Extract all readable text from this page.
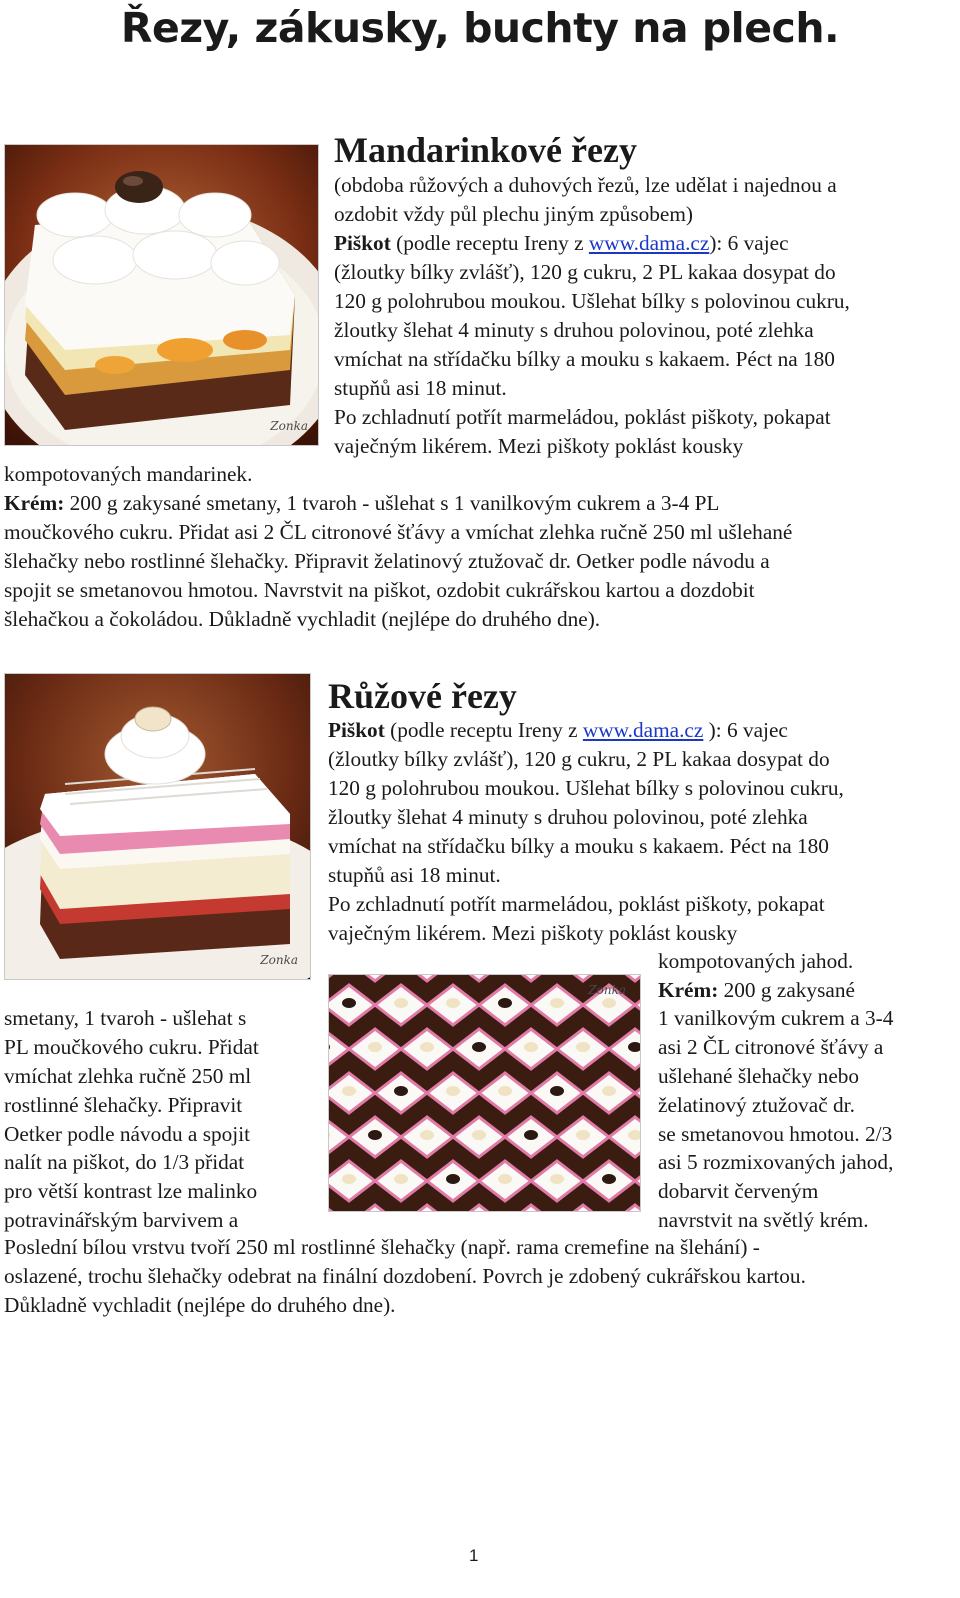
Řezy, zákusky, buchty na plech.
Zonka
Mandarinkové řezy

(obdoba růžových a duhových řezů, lze udělat i najednou a

ozdobit vždy půl plechu jiným způsobem)

Piškot (podle receptu Ireny z www.dama.cz): 6 vajec

(žloutky bílky zvlášť), 120 g cukru, 2 PL kakaa dosypat do

120 g polohrubou moukou. Ušlehat bílky s polovinou cukru,

žloutky šlehat 4 minuty s druhou polovinou, poté zlehka

vmíchat na střídačku bílky a mouku s kakaem. Péct na 180

stupňů asi 18 minut.

Po zchladnutí potřít marmeládou, poklást piškoty, pokapat

vaječným likérem. Mezi piškoty poklást kousky

kompotovaných mandarinek.

Krém: 200 g zakysané smetany, 1 tvaroh - ušlehat s 1 vanilkovým cukrem a 3-4 PL

moučkového cukru. Přidat asi 2 ČL citronové šťávy a vmíchat zlehka ručně 250 ml ušlehané

šlehačky nebo rostlinné šlehačky. Připravit želatinový ztužovač dr. Oetker podle návodu a

spojit se smetanovou hmotou. Navrstvit na piškot, ozdobit cukrářskou kartou a dozdobit

šlehačkou a čokoládou. Důkladně vychladit (nejlépe do druhého dne).

Zonka
Růžové řezy

Piškot (podle receptu Ireny z www.dama.cz ): 6 vajec

(žloutky bílky zvlášť), 120 g cukru, 2 PL kakaa dosypat do

120 g polohrubou moukou. Ušlehat bílky s polovinou cukru,

žloutky šlehat 4 minuty s druhou polovinou, poté zlehka

vmíchat na střídačku bílky a mouku s kakaem. Péct na 180

stupňů asi 18 minut.

Po zchladnutí potřít marmeládou, poklást piškoty, pokapat

vaječným likérem. Mezi piškoty poklást kousky

kompotovaných jahod.

Krém: 200 g zakysané

Zonka

smetany, 1 tvaroh - ušlehat s

PL moučkového cukru. Přidat

vmíchat zlehka ručně 250 ml

rostlinné šlehačky. Připravit

Oetker podle návodu a spojit

nalít na piškot, do 1/3 přidat

pro větší kontrast lze malinko

potravinářským barvivem a

1 vanilkovým cukrem a 3-4

asi 2 ČL citronové šťávy a

ušlehané šlehačky nebo

želatinový ztužovač dr.

se smetanovou hmotou. 2/3

asi 5 rozmixovaných jahod,

dobarvit červeným

navrstvit na světlý krém.

Poslední bílou vrstvu tvoří 250 ml rostlinné šlehačky (např. rama cremefine na šlehání) -

oslazené, trochu šlehačky odebrat na finální dozdobení. Povrch je zdobený cukrářskou kartou.

Důkladně vychladit (nejlépe do druhého dne).

1
